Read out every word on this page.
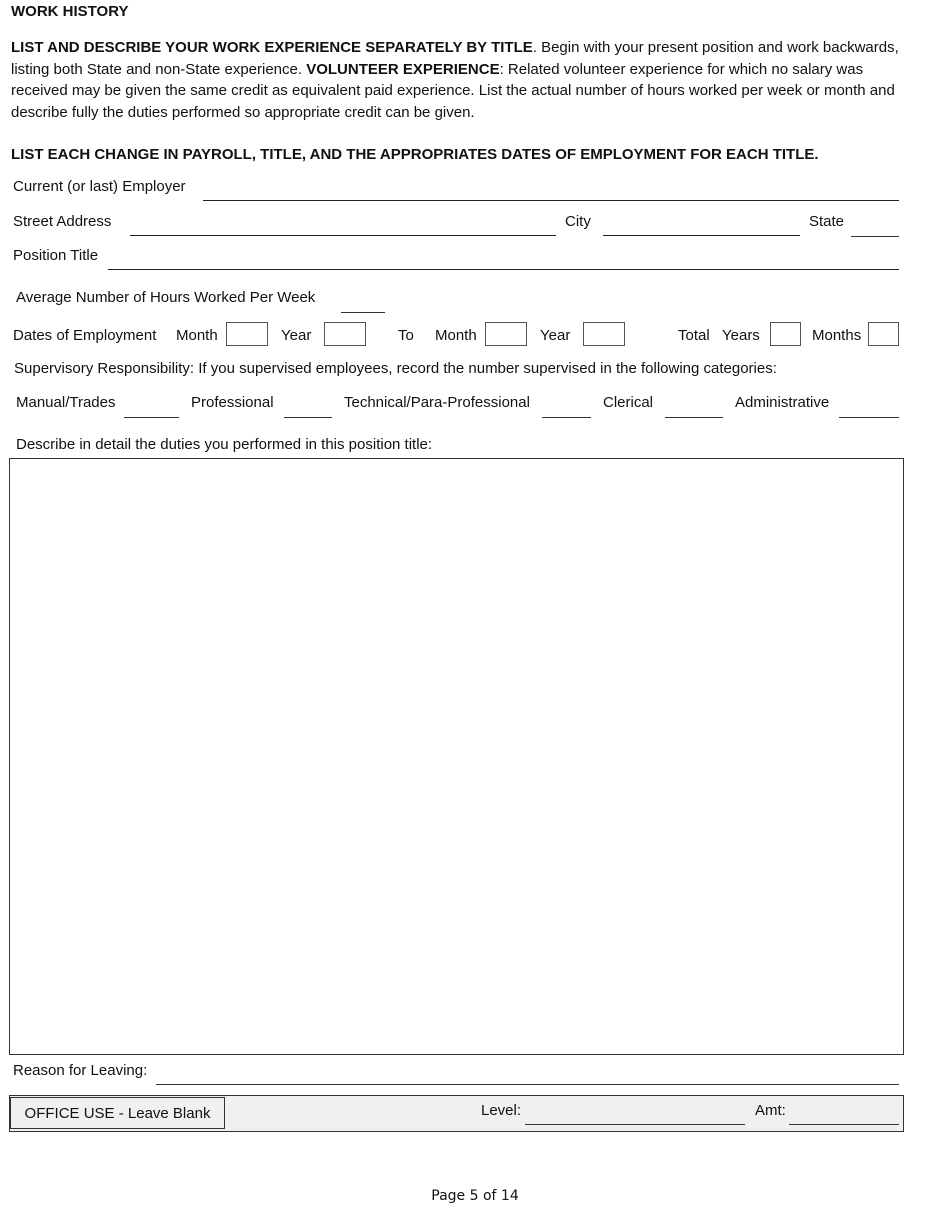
WORK HISTORY
LIST AND DESCRIBE YOUR WORK EXPERIENCE SEPARATELY BY TITLE. Begin with your present position and work backwards, listing both State and non-State experience. VOLUNTEER EXPERIENCE: Related volunteer experience for which no salary was received may be given the same credit as equivalent paid experience. List the actual number of hours worked per week or month and describe fully the duties performed so appropriate credit can be given.
LIST EACH CHANGE IN PAYROLL, TITLE, AND THE APPROPRIATES DATES OF EMPLOYMENT FOR EACH TITLE.
Current (or last) Employer
Street Address	City	State
Position Title
Average Number of Hours Worked Per Week
Dates of Employment Month	Year	To Month	Year	Total Years	Months
Supervisory Responsibility: If you supervised employees, record the number supervised in the following categories:
Manual/Trades	Professional	Technical/Para-Professional	Clerical	Administrative
Describe in detail the duties you performed in this position title:
Reason for Leaving:
OFFICE USE - Leave Blank	Level:	Amt:
Page 5 of 14
